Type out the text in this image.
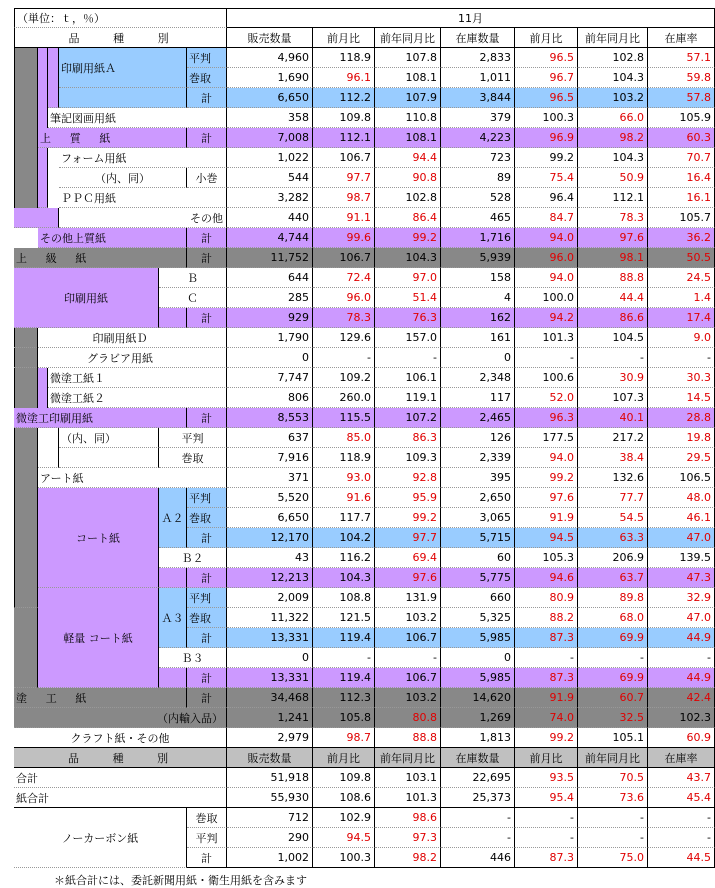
（単位：ｔ，％）	11月
品　　種　　別	販売数量	前月比	前年同月比	在庫数量	前月比	前年同月比	在庫率
印刷用紙Ａ
平判	4,960	118.9	107.8	2,833	96.5	102.8	57.1
巻取	1,690	96.1	108.1	1,011	96.7	104.3	59.8
計	6,650	112.2	107.9	3,844	96.5	103.2	57.8
筆記図画用紙	358	109.8	110.8	379	100.3	66.0	105.9
上　質　紙	計	7,008	112.1	108.1	4,223	96.9	98.2	60.3
フォーム用紙	1,022	106.7	94.4	723	99.2	104.3	70.7
（内、同）	小巻	544	97.7	90.8	89	75.4	50.9	16.4
ＰＰＣ用紙	3,282	98.7	102.8	528	96.4	112.1	16.1
その他	440	91.1	86.4	465	84.7	78.3	105.7
その他上質紙	計	4,744	99.6	99.2	1,716	94.0	97.6	36.2
上　級　紙	計	11,752	106.7	104.3	5,939	96.0	98.1	50.5
印刷用紙
Ｂ	644	72.4	97.0	158	94.0	88.8	24.5
Ｃ	285	96.0	51.4	4	100.0	44.4	1.4
計	929	78.3	76.3	162	94.2	86.6	17.4
印刷用紙Ｄ	1,790	129.6	157.0	161	101.3	104.5	9.0
グラビア用紙	0	-	-	0	-	-	-
微塗工紙１	7,747	109.2	106.1	2,348	100.6	30.9	30.3
微塗工紙２	806	260.0	119.1	117	52.0	107.3	14.5
微塗工印刷用紙	計	8,553	115.5	107.2	2,465	96.3	40.1	28.8
（内、同）	平判	637	85.0	86.3	126	177.5	217.2	19.8
巻取	7,916	118.9	109.3	2,339	94.0	38.4	29.5
アート紙	371	93.0	92.8	395	99.2	132.6	106.5
コート紙
Ａ２
平判	5,520	91.6	95.9	2,650	97.6	77.7	48.0
巻取	6,650	117.7	99.2	3,065	91.9	54.5	46.1
計	12,170	104.2	97.7	5,715	94.5	63.3	47.0
Ｂ２	43	116.2	69.4	60	105.3	206.9	139.5
計	12,213	104.3	97.6	5,775	94.6	63.7	47.3
軽量 コート紙
Ａ３
平判	2,009	108.8	131.9	660	80.9	89.8	32.9
巻取	11,322	121.5	103.2	5,325	88.2	68.0	47.0
計	13,331	119.4	106.7	5,985	87.3	69.9	44.9
Ｂ３	0	-	-	0	-	-	-
計	13,331	119.4	106.7	5,985	87.3	69.9	44.9
塗　工　紙	計	34,468	112.3	103.2	14,620	91.9	60.7	42.4
（内輸入品）	1,241	105.8	80.8	1,269	74.0	32.5	102.3
クラフト紙・その他	2,979	98.7	88.8	1,813	99.2	105.1	60.9
品　　種　　別	販売数量	前月比	前年同月比	在庫数量	前月比	前年同月比	在庫率
合計	51,918	109.8	103.1	22,695	93.5	70.5	43.7
紙合計	55,930	108.6	101.3	25,373	95.4	73.6	45.4
ノーカーボン紙
巻取	712	102.9	98.6	-	-	-	-
平判	290	94.5	97.3	-	-	-	-
計	1,002	100.3	98.2	446	87.3	75.0	44.5
＊紙合計には、委託新聞用紙・衛生用紙を含みます
